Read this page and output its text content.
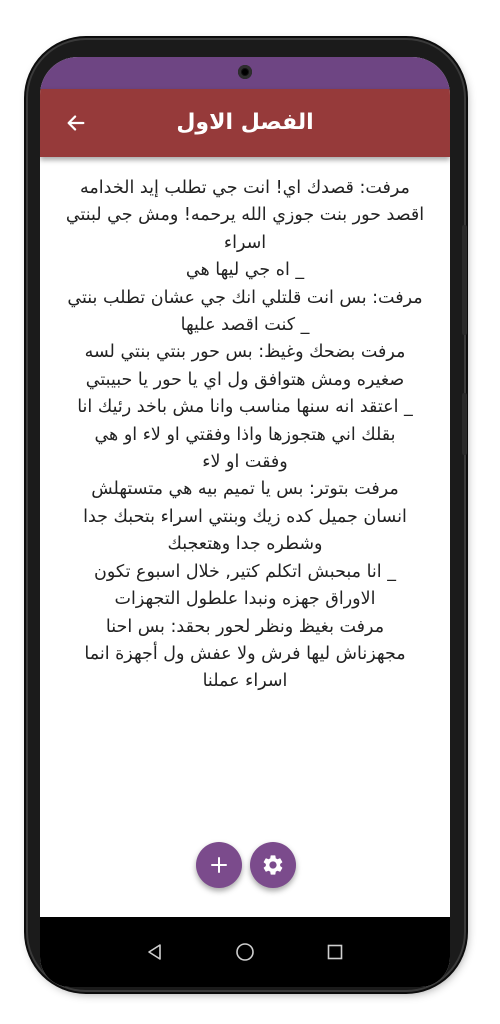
الفصل الاول

مرفت: قصدك اي! انت جي تطلب إيد الخدامه

اقصد حور بنت جوزي الله يرحمه! ومش جي لبنتي

اسراء

_ اه جي ليها هي

مرفت: بس انت قلتلي انك جي عشان تطلب بنتي

_ كنت اقصد عليها

مرفت بضحك وغيظ: بس حور بنتي بنتي لسه

صغيره ومش هتوافق ول اي يا حور يا حبيبتي

_ اعتقد انه سنها مناسب وانا مش باخد رئيك انا

بقلك اني هتجوزها واذا وفقتي او لاء او هي

وفقت او لاء

مرفت بتوتر: بس يا تميم بيه هي متستهلش

انسان جميل كده زيك وبنتي اسراء بتحبك جدا

وشطره جدا وهتعجبك

_ انا مبحبش اتكلم كتير, خلال اسبوع تكون

الاوراق جهزه ونبدا علطول التجهزات

مرفت بغيظ ونظر لحور بحقد: بس احنا

مجهزناش ليها فرش ولا عفش ول أجهزة انما

اسراء عملنا
